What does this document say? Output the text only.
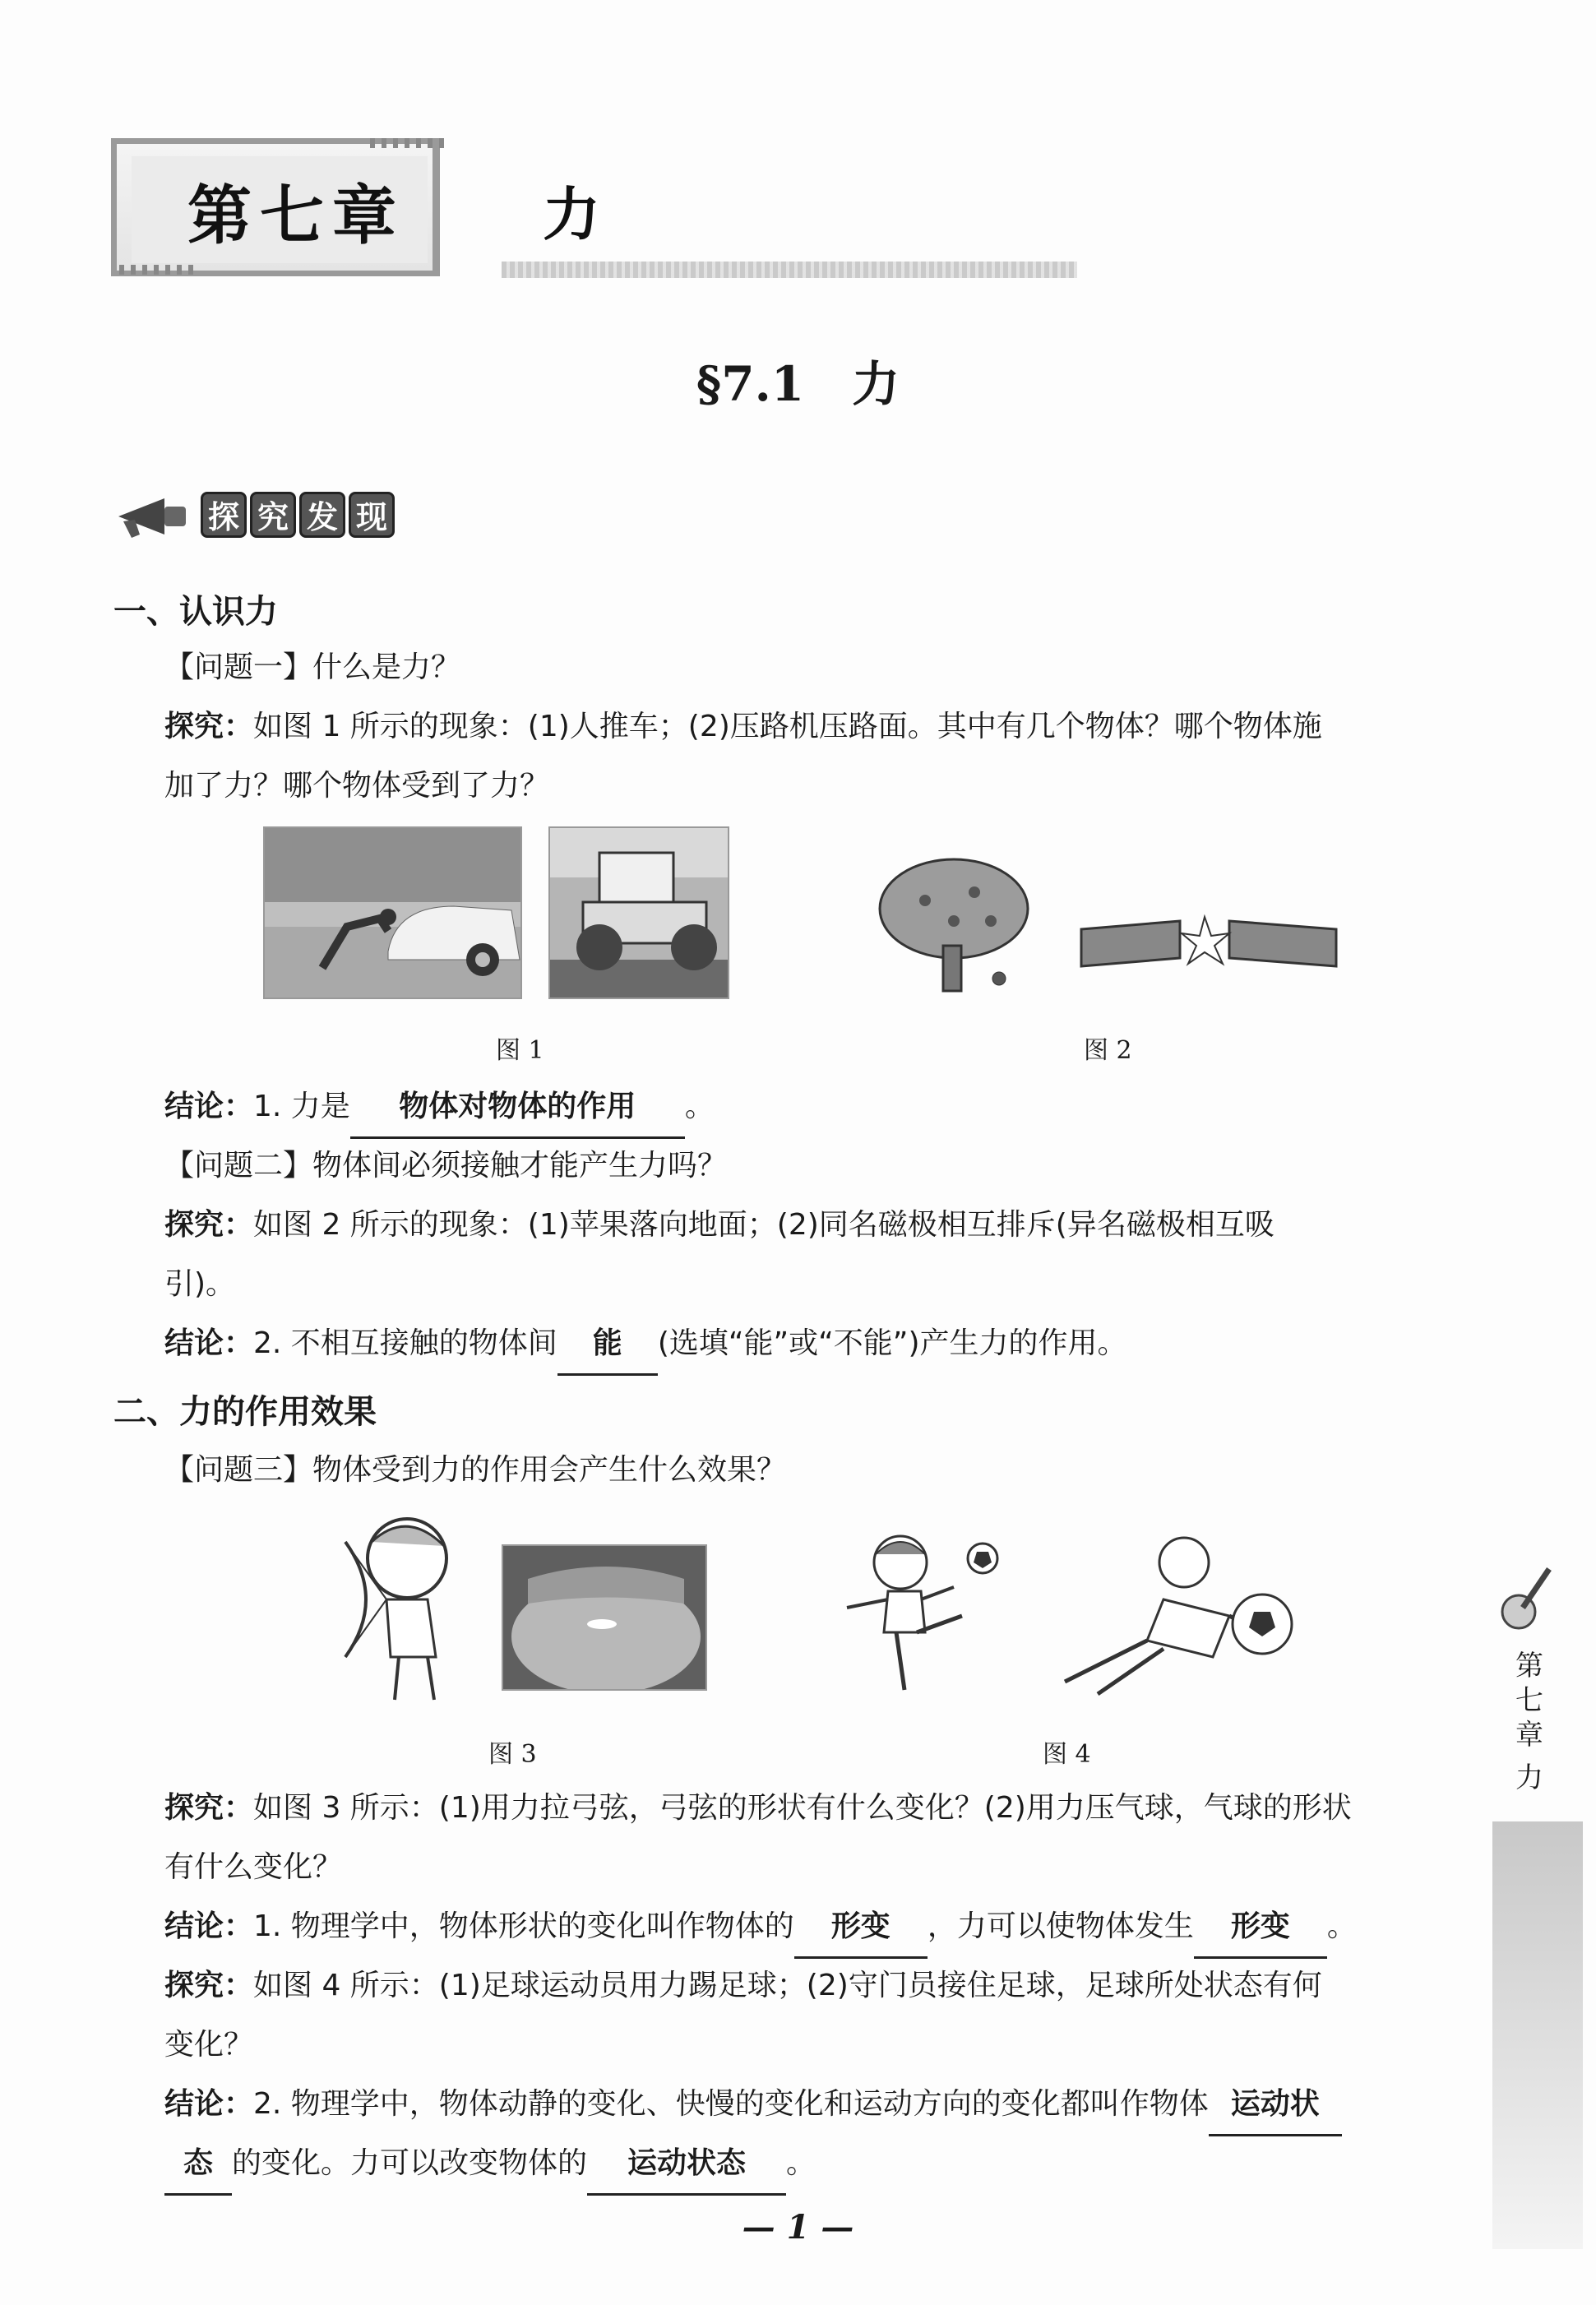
第七章 力
§7.1　力
探 究 发 现
一、认识力
【问题一】什么是力？
探究：如图 1 所示的现象：(1)人推车；(2)压路机压路面。其中有几个物体？哪个物体施
加了力？哪个物体受到了力？
图 1	图 2
结论：1. 力是 物体对物体的作用 。
【问题二】物体间必须接触才能产生力吗？
探究：如图 2 所示的现象：(1)苹果落向地面；(2)同名磁极相互排斥(异名磁极相互吸
引)。
结论：2. 不相互接触的物体间 能 (选填“能”或“不能”)产生力的作用。
二、力的作用效果
【问题三】物体受到力的作用会产生什么效果？
图 3	图 4
探究：如图 3 所示：(1)用力拉弓弦，弓弦的形状有什么变化？(2)用力压气球，气球的形状
有什么变化？
结论：1. 物理学中，物体形状的变化叫作物体的 形变 ，力可以使物体发生 形变 。
探究：如图 4 所示：(1)足球运动员用力踢足球；(2)守门员接住足球，足球所处状态有何
变化？
结论：2. 物理学中，物体动静的变化、快慢的变化和运动方向的变化都叫作物体 运动状
态 的变化。力可以改变物体的 运动状态 。
第
七
章
力
— 1 —
